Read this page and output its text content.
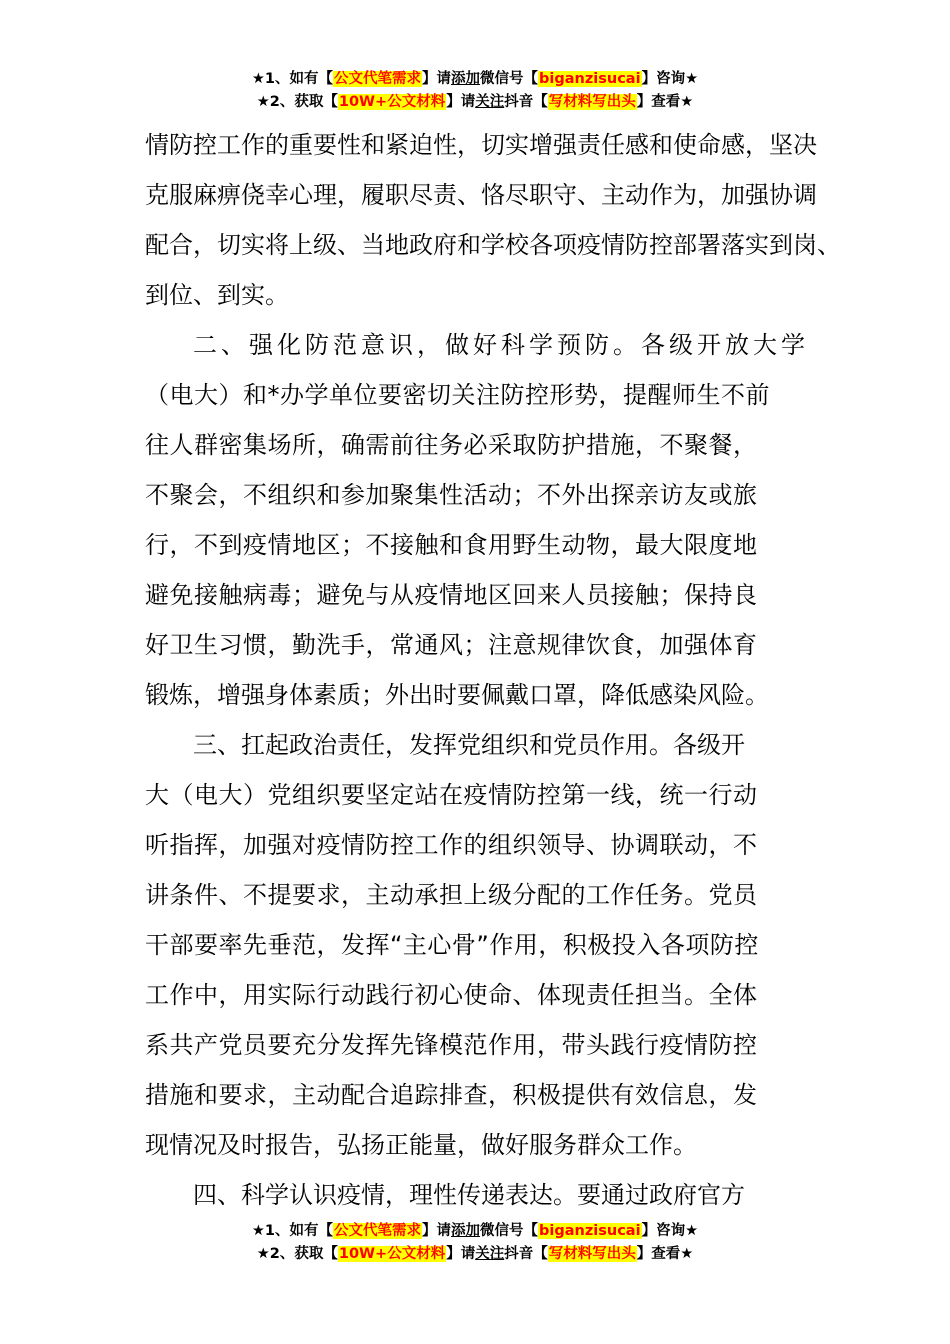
★1、如有【公文代笔需求】请添加微信号【biganzisucai】咨询★
★2、获取【10W+公文材料】请关注抖音【写材料写出头】查看★

情防控工作的重要性和紧迫性，切实增强责任感和使命感，坚决
克服麻痹侥幸心理，履职尽责、恪尽职守、主动作为，加强协调
配合，切实将上级、当地政府和学校各项疫情防控部署落实到岗、
到位、到实。

二、强化防范意识，做好科学预防。各级开放大学
（电大）和*办学单位要密切关注防控形势，提醒师生不前
往人群密集场所，确需前往务必采取防护措施，不聚餐，
不聚会，不组织和参加聚集性活动；不外出探亲访友或旅
行，不到疫情地区；不接触和食用野生动物，最大限度地
避免接触病毒；避免与从疫情地区回来人员接触；保持良
好卫生习惯，勤洗手，常通风；注意规律饮食，加强体育
锻炼，增强身体素质；外出时要佩戴口罩，降低感染风险。

三、扛起政治责任，发挥党组织和党员作用。各级开
大（电大）党组织要坚定站在疫情防控第一线，统一行动
听指挥，加强对疫情防控工作的组织领导、协调联动，不
讲条件、不提要求，主动承担上级分配的工作任务。党员
干部要率先垂范，发挥“主心骨”作用，积极投入各项防控
工作中，用实际行动践行初心使命、体现责任担当。全体
系共产党员要充分发挥先锋模范作用，带头践行疫情防控
措施和要求，主动配合追踪排查，积极提供有效信息，发
现情况及时报告，弘扬正能量，做好服务群众工作。

四、科学认识疫情，理性传递表达。要通过政府官方

★1、如有【公文代笔需求】请添加微信号【biganzisucai】咨询★
★2、获取【10W+公文材料】请关注抖音【写材料写出头】查看★
